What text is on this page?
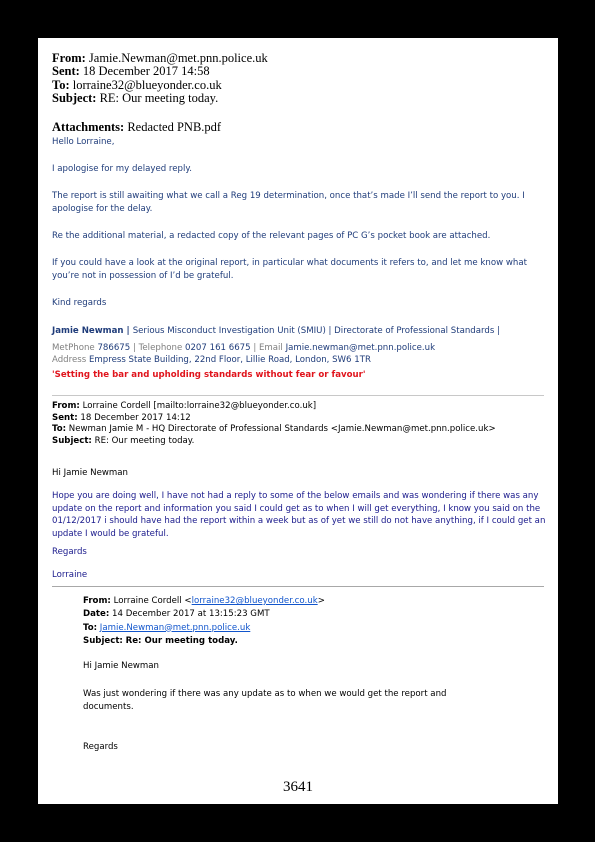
From: Jamie.Newman@met.pnn.police.uk
Sent: 18 December 2017 14:58
To: lorraine32@blueyonder.co.uk
Subject: RE: Our meeting today.
Attachments: Redacted PNB.pdf
Hello Lorraine,
I apologise for my delayed reply.
The report is still awaiting what we call a Reg 19 determination, once that’s made I’ll send the report to you. I apologise for the delay.
Re the additional material, a redacted copy of the relevant pages of PC G’s pocket book are attached.
If you could have a look at the original report, in particular what documents it refers to, and let me know what you’re not in possession of I’d be grateful.
Kind regards
Jamie Newman | Serious Misconduct Investigation Unit (SMIU) | Directorate of Professional Standards |
MetPhone 786675 | Telephone 0207 161 6675 | Email Jamie.newman@met.pnn.police.uk
Address Empress State Building, 22nd Floor, Lillie Road, London, SW6 1TR
'Setting the bar and upholding standards without fear or favour'
From: Lorraine Cordell [mailto:lorraine32@blueyonder.co.uk]
Sent: 18 December 2017 14:12
To: Newman Jamie M - HQ Directorate of Professional Standards <Jamie.Newman@met.pnn.police.uk>
Subject: RE: Our meeting today.
Hi Jamie Newman
Hope you are doing well, I have not had a reply to some of the below emails and was wondering if there was any update on the report and information you said I could get as to when I will get everything, I know you said on the 01/12/2017 i should have had the report within a week but as of yet we still do not have anything, if I could get an update I would be grateful.
Regards
Lorraine
From: Lorraine Cordell <lorraine32@blueyonder.co.uk>
Date: 14 December 2017 at 13:15:23 GMT
To: Jamie.Newman@met.pnn.police.uk
Subject: Re: Our meeting today.
Hi Jamie Newman
Was just wondering if there was any update as to when we would get the report and documents.
Regards
3641
